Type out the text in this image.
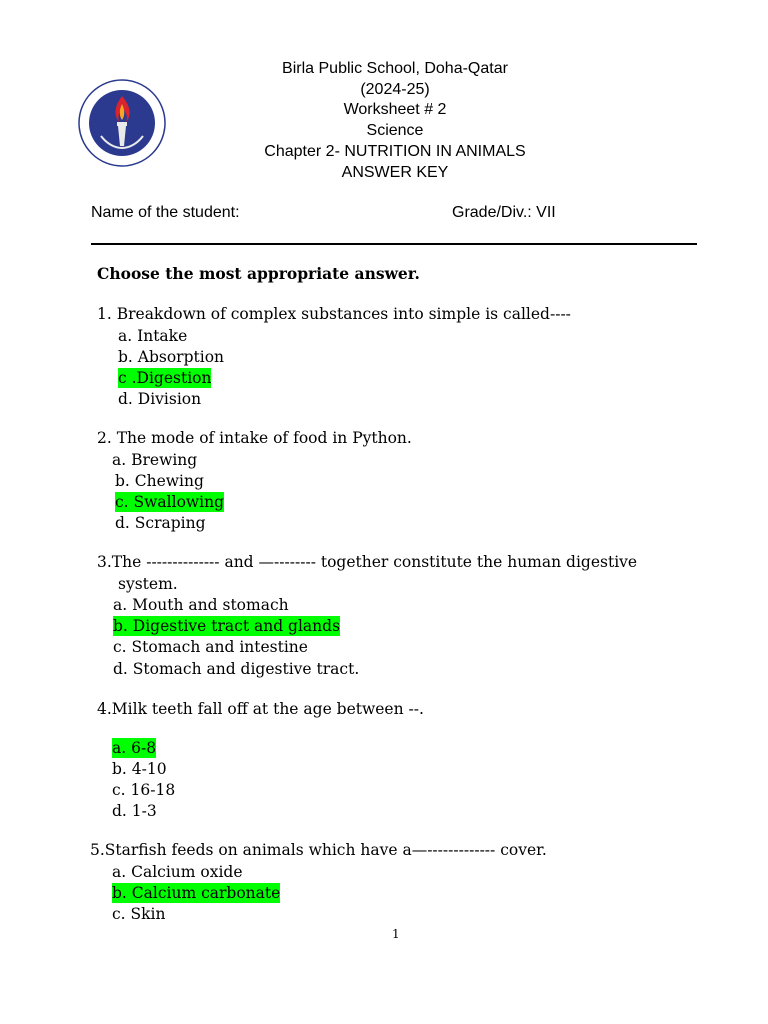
BIRLA PUBLIC SCHOOL
Birla Public School, Doha-Qatar
(2024-25)
Worksheet # 2
Science
Chapter 2- NUTRITION IN ANIMALS
ANSWER KEY
Name of the student:	Grade/Div.: VII
Choose the most appropriate answer.
1. Breakdown of complex substances into simple is called----
a. Intake
b. Absorption
c .Digestion
d. Division
2. The mode of intake of food in Python.
a. Brewing
b. Chewing
c. Swallowing
d. Scraping
3.The -------------- and —-------- together constitute the human digestive
system.
a. Mouth and stomach
b. Digestive tract and glands
c. Stomach and intestine
d. Stomach and digestive tract.
4.Milk teeth fall off at the age between --.
a. 6-8
b. 4-10
c. 16-18
d. 1-3
5.Starfish feeds on animals which have a—------------- cover.
a. Calcium oxide
b. Calcium carbonate
c. Skin
1
